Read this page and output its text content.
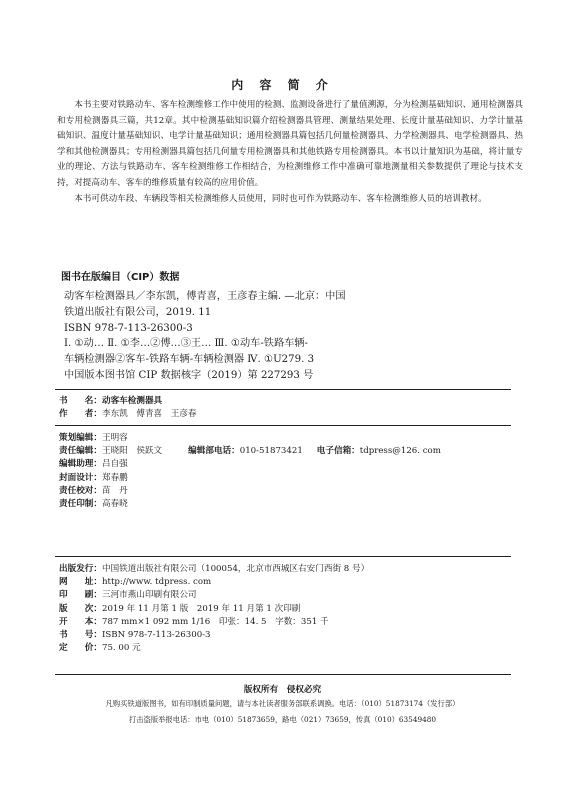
内 容 简 介

本书主要对铁路动车、客车检测维修工作中使用的检测、监测设备进行了量值溯源，分为检测基础知识、通用检测器具和专用检测器具三篇，共12章。其中检测基础知识篇介绍检测器具管理、测量结果处理、长度计量基础知识、力学计量基础知识、温度计量基础知识、电学计量基础知识；通用检测器具篇包括几何量检测器具、力学检测器具、电学检测器具、热学和其他检测器具；专用检测器具篇包括几何量专用检测器具和其他铁路专用检测器具。本书以计量知识为基础，将计量专业的理论、方法与铁路动车、客车检测维修工作相结合，为检测维修工作中准确可靠地测量相关参数提供了理论与技术支持，对提高动车、客车的维修质量有较高的应用价值。

本书可供动车段、车辆段等相关检测维修人员使用，同时也可作为铁路动车、客车检测维修人员的培训教材。

图书在版编目（CIP）数据
动客车检测器具／李东凯，傅青喜，王彦春主编. —北京：中国
铁道出版社有限公司，2019. 11
ISBN 978-7-113-26300-3
Ⅰ. ①动… Ⅱ. ①李…②傅…③王… Ⅲ. ①动车-铁路车辆-
车辆检测器②客车-铁路车辆-车辆检测器 Ⅳ. ①U279. 3
中国版本图书馆 CIP 数据核字（2019）第 227293 号
书　　名：动客车检测器具
作　　者：李东凯　傅青喜　王彦春
策划编辑：王明容
责任编辑：王晓阳　侯跃文	编辑部电话：010-51873421 电子信箱：tdpress@126. com
编辑助理：吕自强
封面设计：郑春鹏
责任校对：苗　丹
责任印制：高春晓
出版发行：中国铁道出版社有限公司（100054，北京市西城区右安门西街 8 号）
网　　址：http://www. tdpress. com
印　　刷：三河市燕山印刷有限公司
版　　次：2019 年 11 月第 1 版　2019 年 11 月第 1 次印刷
开　　本：787 mm×1 092 mm 1/16　印张：14. 5　字数：351 千
书　　号：ISBN 978-7-113-26300-3
定　　价：75. 00 元
版权所有　侵权必究
凡购买铁道版图书，如有印制质量问题，请与本社读者服务部联系调换。电话：（010）51873174（发行部）
打击盗版举报电话：市电（010）51873659，路电（021）73659，传真（010）63549480
